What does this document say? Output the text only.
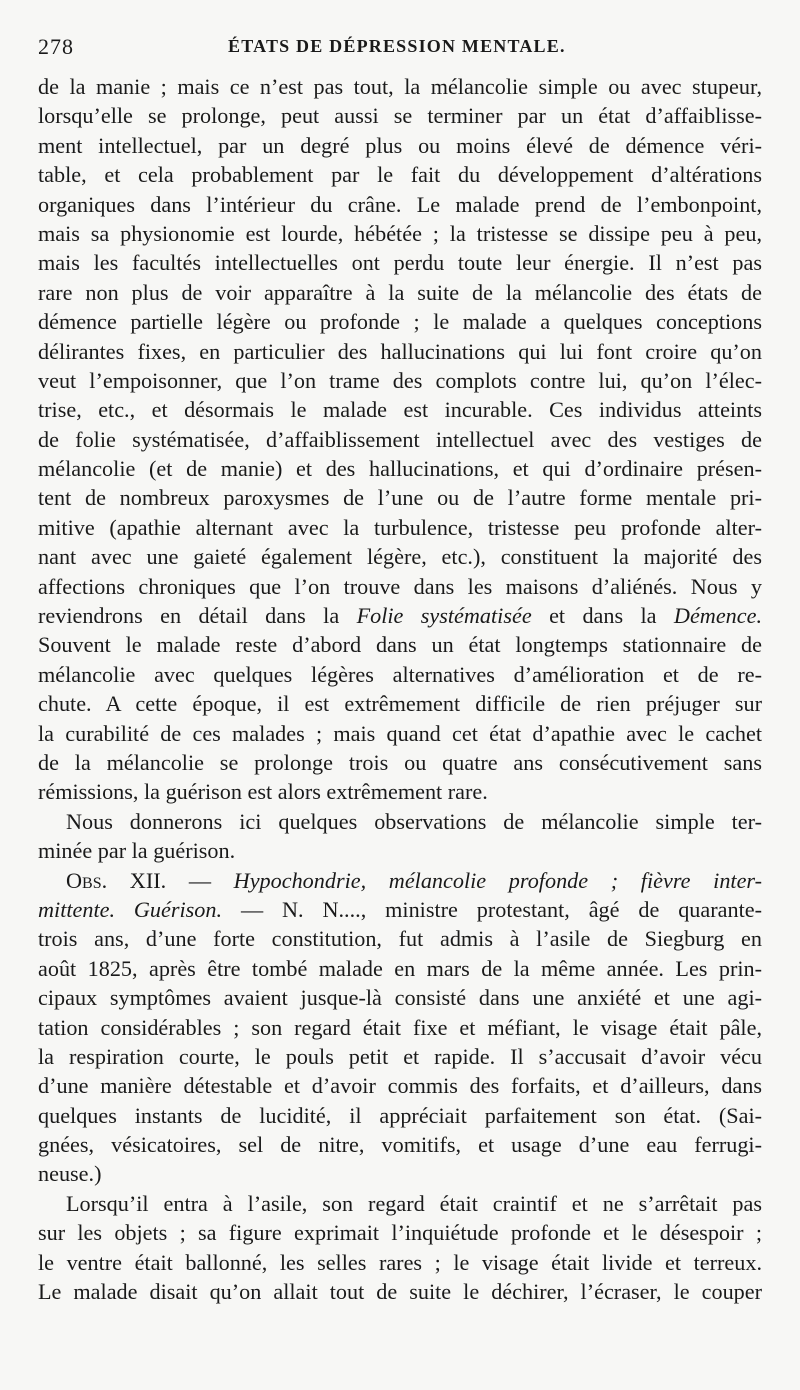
278	ÉTATS DE DÉPRESSION MENTALE.
de la manie ; mais ce n’est pas tout, la mélancolie simple ou avec stupeur,
lorsqu’elle se prolonge, peut aussi se terminer par un état d’affaiblisse-
ment intellectuel, par un degré plus ou moins élevé de démence véri-
table, et cela probablement par le fait du développement d’altérations
organiques dans l’intérieur du crâne. Le malade prend de l’embonpoint,
mais sa physionomie est lourde, hébétée ; la tristesse se dissipe peu à peu,
mais les facultés intellectuelles ont perdu toute leur énergie. Il n’est pas
rare non plus de voir apparaître à la suite de la mélancolie des états de
démence partielle légère ou profonde ; le malade a quelques conceptions
délirantes fixes, en particulier des hallucinations qui lui font croire qu’on
veut l’empoisonner, que l’on trame des complots contre lui, qu’on l’élec-
trise, etc., et désormais le malade est incurable. Ces individus atteints
de folie systématisée, d’affaiblissement intellectuel avec des vestiges de
mélancolie (et de manie) et des hallucinations, et qui d’ordinaire présen-
tent de nombreux paroxysmes de l’une ou de l’autre forme mentale pri-
mitive (apathie alternant avec la turbulence, tristesse peu profonde alter-
nant avec une gaieté également légère, etc.), constituent la majorité des
affections chroniques que l’on trouve dans les maisons d’aliénés. Nous y
reviendrons en détail dans la Folie systématisée et dans la Démence.
Souvent le malade reste d’abord dans un état longtemps stationnaire de
mélancolie avec quelques légères alternatives d’amélioration et de re-
chute. A cette époque, il est extrêmement difficile de rien préjuger sur
la curabilité de ces malades ; mais quand cet état d’apathie avec le cachet
de la mélancolie se prolonge trois ou quatre ans consécutivement sans
rémissions, la guérison est alors extrêmement rare.
Nous donnerons ici quelques observations de mélancolie simple ter-
minée par la guérison.
Obs. XII. — Hypochondrie, mélancolie profonde ; fièvre inter-
mittente. Guérison. — N. N...., ministre protestant, âgé de quarante-
trois ans, d’une forte constitution, fut admis à l’asile de Siegburg en
août 1825, après être tombé malade en mars de la même année. Les prin-
cipaux symptômes avaient jusque-là consisté dans une anxiété et une agi-
tation considérables ; son regard était fixe et méfiant, le visage était pâle,
la respiration courte, le pouls petit et rapide. Il s’accusait d’avoir vécu
d’une manière détestable et d’avoir commis des forfaits, et d’ailleurs, dans
quelques instants de lucidité, il appréciait parfaitement son état. (Sai-
gnées, vésicatoires, sel de nitre, vomitifs, et usage d’une eau ferrugi-
neuse.)
Lorsqu’il entra à l’asile, son regard était craintif et ne s’arrêtait pas
sur les objets ; sa figure exprimait l’inquiétude profonde et le désespoir ;
le ventre était ballonné, les selles rares ; le visage était livide et terreux.
Le malade disait qu’on allait tout de suite le déchirer, l’écraser, le couper
